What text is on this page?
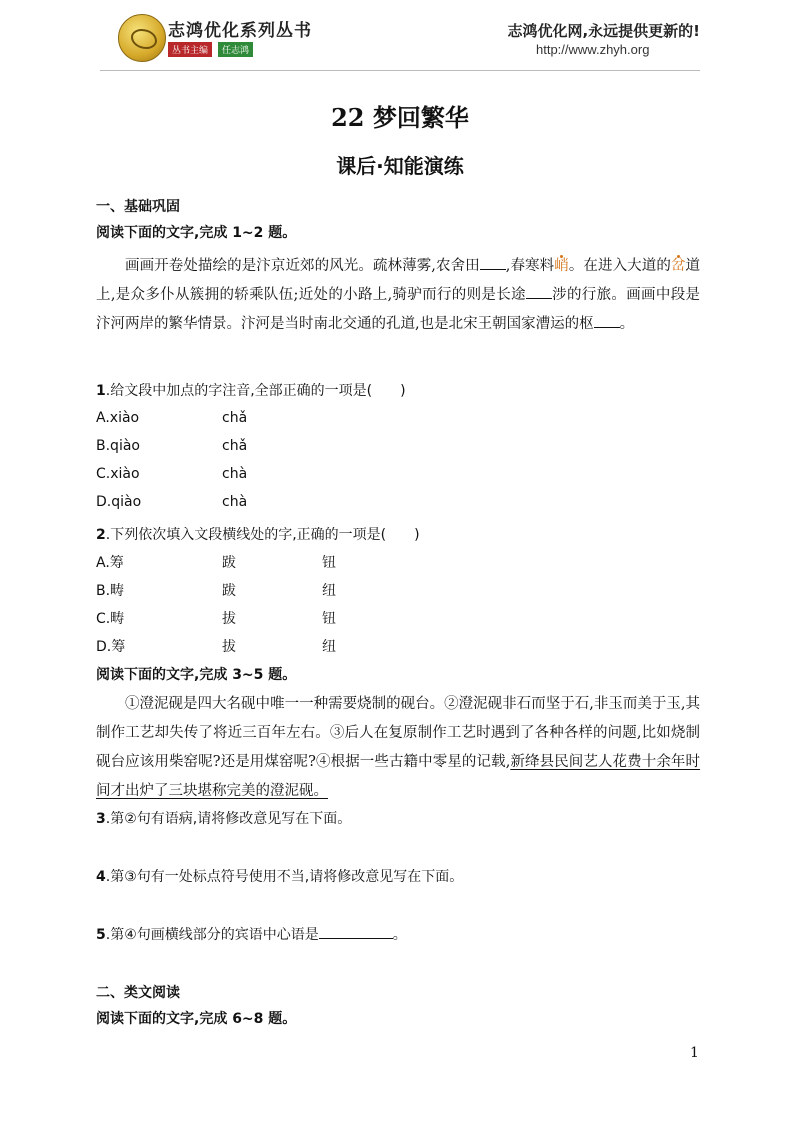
志鸿优化系列丛书
丛书主编	任志鸿
志鸿优化网,永远提供更新的!
http://www.zhyh.org
22 梦回繁华
课后·知能演练
一、基础巩固
阅读下面的文字,完成 1~2 题。
画画开卷处描绘的是汴京近郊的风光。疏林薄雾,农舍田 ,春寒料峭。在进入大道的岔道上,是众多仆从簇拥的轿乘队伍;近处的小路上,骑驴而行的则是长途 涉的行旅。画画中段是汴河两岸的繁华情景。汴河是当时南北交通的孔道,也是北宋王朝国家漕运的枢 。
1.给文段中加点的字注音,全部正确的一项是(　　)
A.xiào	chǎ
B.qiào	chǎ
C.xiào	chà
D.qiào	chà
2.下列依次填入文段横线处的字,正确的一项是(　　)
A.筹	跋	钮
B.畴	跋	纽
C.畴	拔	钮
D.筹	拔	纽
阅读下面的文字,完成 3~5 题。
①澄泥砚是四大名砚中唯一一种需要烧制的砚台。②澄泥砚非石而坚于石,非玉而美于玉,其制作工艺却失传了将近三百年左右。③后人在复原制作工艺时遇到了各种各样的问题,比如烧制砚台应该用柴窑呢?还是用煤窑呢?④根据一些古籍中零星的记载,新绛县民间艺人花费十余年时间才出炉了三块堪称完美的澄泥砚。
3.第②句有语病,请将修改意见写在下面。
4.第③句有一处标点符号使用不当,请将修改意见写在下面。
5.第④句画横线部分的宾语中心语是	。
二、类文阅读
阅读下面的文字,完成 6~8 题。
1
